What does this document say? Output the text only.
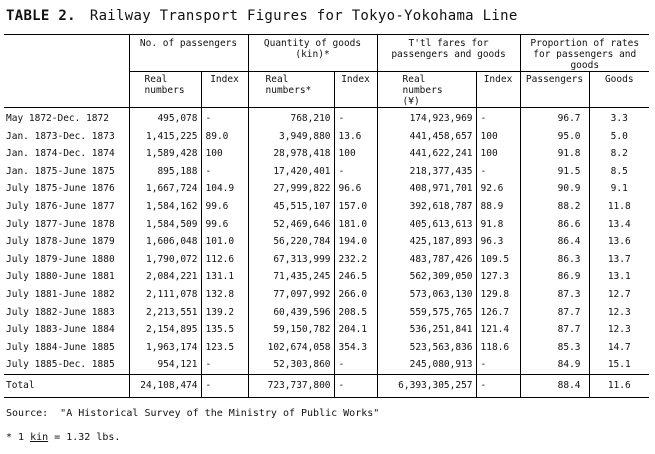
TABLE 2. Railway Transport Figures for Tokyo-Yokohama Line
	No. of passengers		Quantity of goods (kin)*		T'tl fares for passengers and goods		Proportion of rates for passengers and goods	

	Real numbers	Index	Real numbers*	Index	Real numbers (¥)	Index	Passengers	Goods
May 1872-Dec. 1872	495,078	-	768,210	-	174,923,969	-	96.7	3.3
Jan. 1873-Dec. 1873	1,415,225	89.0	3,949,880	13.6	441,458,657	100	95.0	5.0
Jan. 1874-Dec. 1874	1,589,428	100	28,978,418	100	441,622,241	100	91.8	8.2
Jan. 1875-June 1875	895,188	-	17,420,401	-	218,377,435	-	91.5	8.5
July 1875-June 1876	1,667,724	104.9	27,999,822	96.6	408,971,701	92.6	90.9	9.1
July 1876-June 1877	1,584,162	99.6	45,515,107	157.0	392,618,787	88.9	88.2	11.8
July 1877-June 1878	1,584,509	99.6	52,469,646	181.0	405,613,613	91.8	86.6	13.4
July 1878-June 1879	1,606,048	101.0	56,220,784	194.0	425,187,893	96.3	86.4	13.6
July 1879-June 1880	1,790,072	112.6	67,313,999	232.2	483,787,426	109.5	86.3	13.7
July 1880-June 1881	2,084,221	131.1	71,435,245	246.5	562,309,050	127.3	86.9	13.1
July 1881-June 1882	2,111,078	132.8	77,097,992	266.0	573,063,130	129.8	87.3	12.7
July 1882-June 1883	2,213,551	139.2	60,439,596	208.5	559,575,765	126.7	87.7	12.3
July 1883-June 1884	2,154,895	135.5	59,150,782	204.1	536,251,841	121.4	87.7	12.3
July 1884-June 1885	1,963,174	123.5	102,674,058	354.3	523,563,836	118.6	85.3	14.7
July 1885-Dec. 1885	954,121	-	52,303,860	-	245,080,913	-	84.9	15.1
Total	24,108,474	-	723,737,800	-	6,393,305,257	-	88.4	11.6
Source:  "A Historical Survey of the Ministry of Public Works"
* 1 kin = 1.32 lbs.
